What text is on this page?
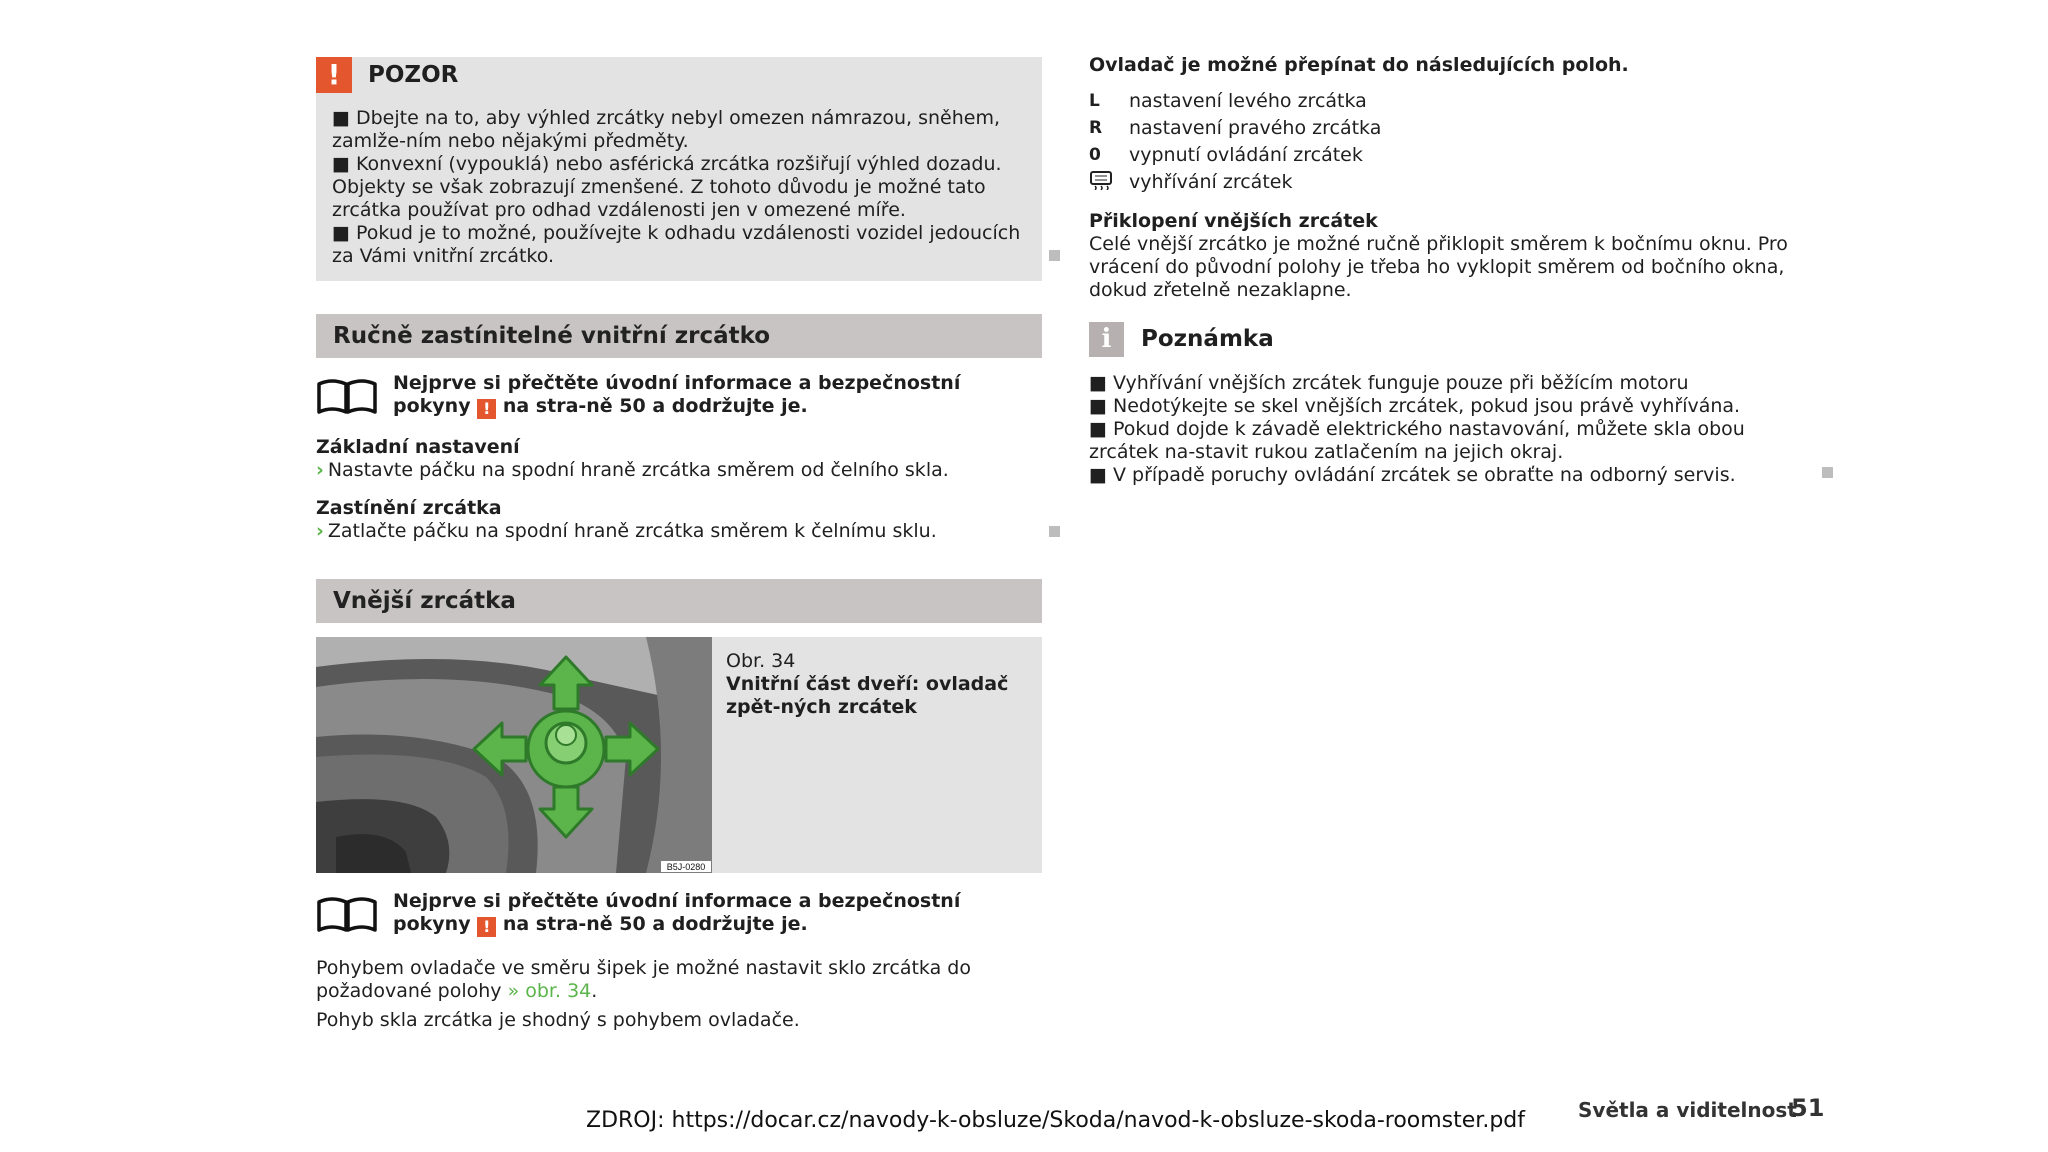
!	POZOR

■ Dbejte na to, aby výhled zrcátky nebyl omezen námrazou, sněhem, zamlže-ním nebo nějakými předměty.

■ Konvexní (vypouklá) nebo asférická zrcátka rozšiřují výhled dozadu. Objekty se však zobrazují zmenšené. Z tohoto důvodu je možné tato zrcátka používat pro odhad vzdálenosti jen v omezené míře.

■ Pokud je to možné, používejte k odhadu vzdálenosti vozidel jedoucích za Vámi vnitřní zrcátko.

Ručně zastínitelné vnitřní zrcátko
Nejprve si přečtěte úvodní informace a bezpečnostní pokyny ! na stra-ně 50 a dodržujte je.

Základní nastavení

› Nastavte páčku na spodní hraně zrcátka směrem od čelního skla.

Zastínění zrcátka

› Zatlačte páčku na spodní hraně zrcátka směrem k čelnímu sklu.

Vnější zrcátka
B5J-0280
Obr. 34
Vnitřní část dveří: ovladač zpět-ných zrcátek
Nejprve si přečtěte úvodní informace a bezpečnostní pokyny ! na stra-ně 50 a dodržujte je.

Pohybem ovladače ve směru šipek je možné nastavit sklo zrcátka do požadované polohy » obr. 34.

Pohyb skla zrcátka je shodný s pohybem ovladače.

Ovladač je možné přepínat do následujících poloh.
L	nastavení levého zrcátka
R	nastavení pravého zrcátka
0	vypnutí ovládání zrcátek
vyhřívání zrcátek

Přiklopení vnějších zrcátek

Celé vnější zrcátko je možné ručně přiklopit směrem k bočnímu oknu. Pro vrácení do původní polohy je třeba ho vyklopit směrem od bočního okna, dokud zřetelně nezaklapne.

i	Poznámka

■ Vyhřívání vnějších zrcátek funguje pouze při běžícím motoru

■ Nedotýkejte se skel vnějších zrcátek, pokud jsou právě vyhřívána.

■ Pokud dojde k závadě elektrického nastavování, můžete skla obou zrcátek na-stavit rukou zatlačením na jejich okraj.

■ V případě poruchy ovládání zrcátek se obraťte na odborný servis.

ZDROJ: https://docar.cz/navody-k-obsluze/Skoda/navod-k-obsluze-skoda-roomster.pdf	Světla a viditelnost
51
